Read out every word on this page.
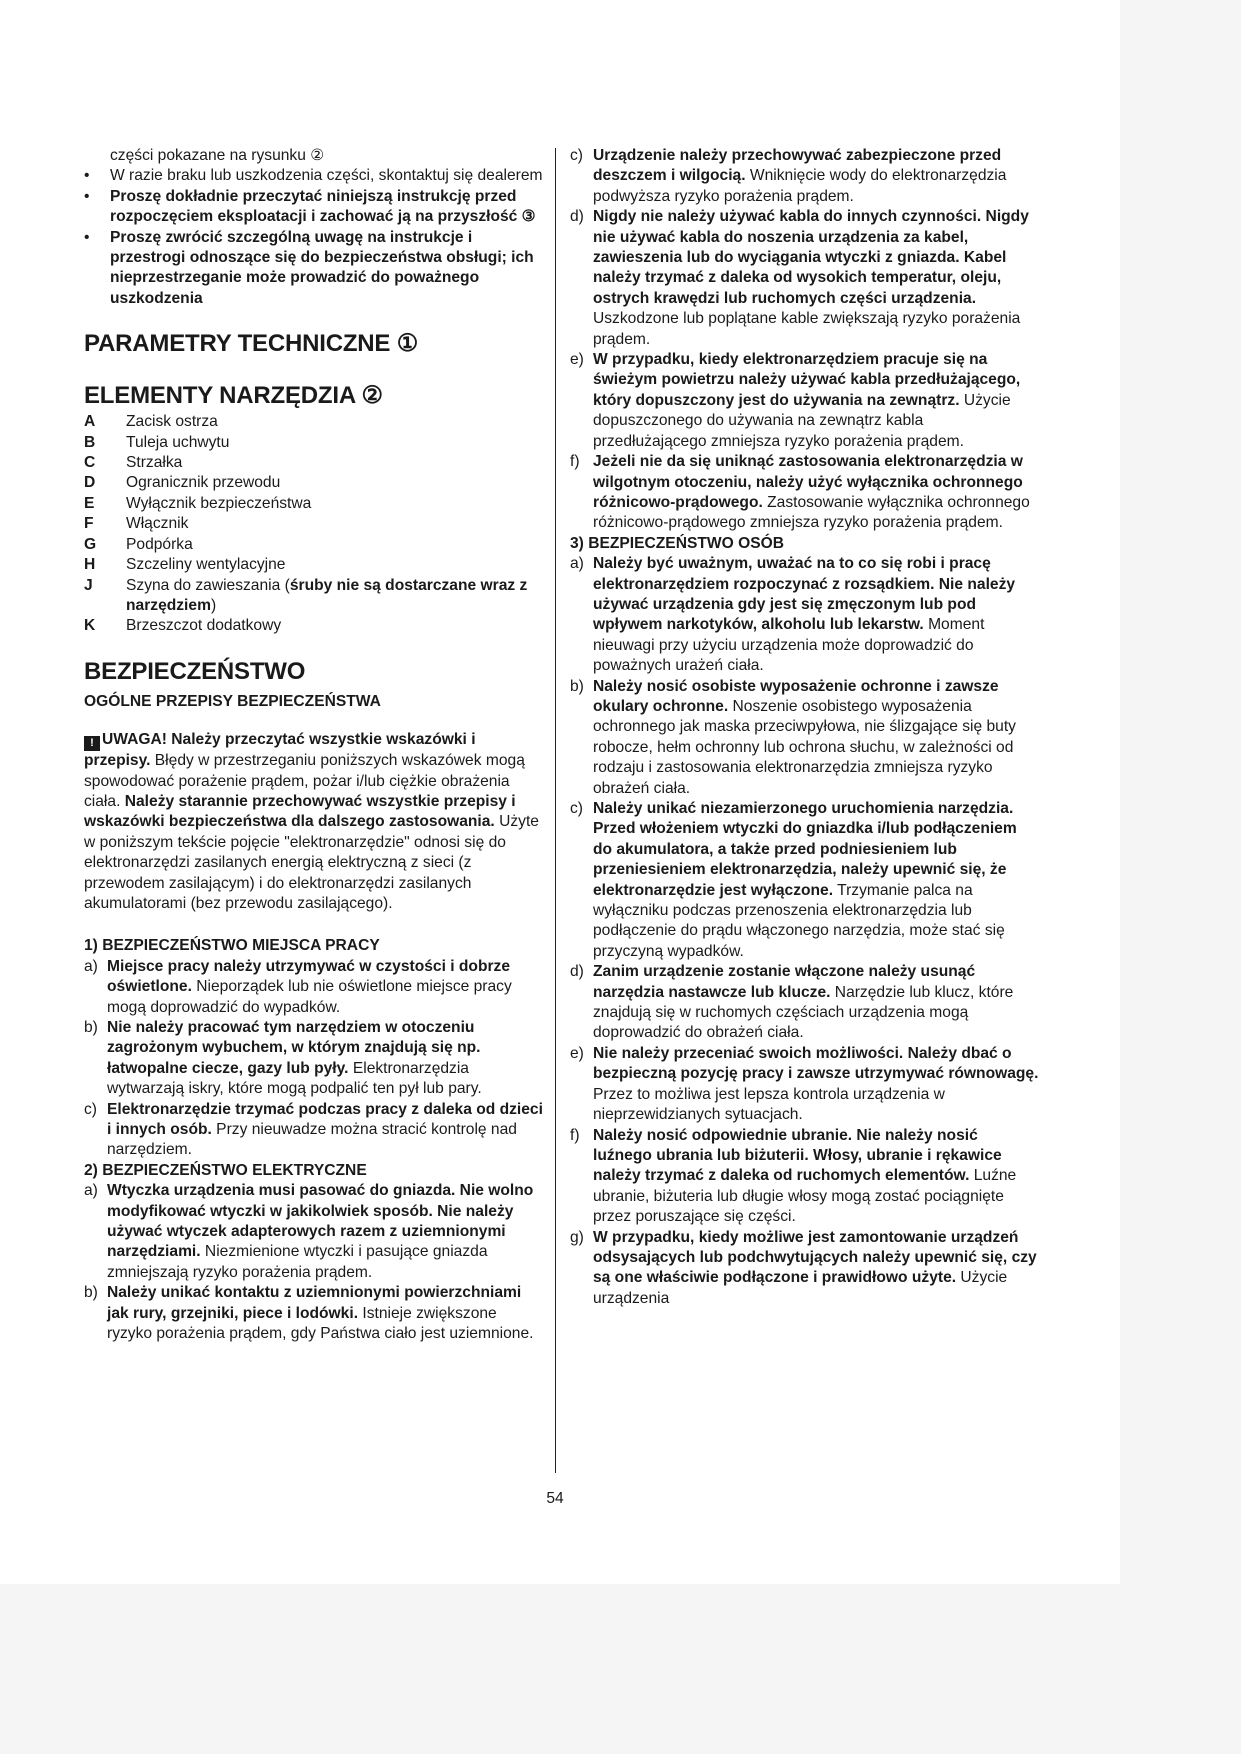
części pokazane na rysunku ②

• W razie braku lub uszkodzenia części, skontaktuj się dealerem
• Proszę dokładnie przeczytać niniejszą instrukcję przed rozpoczęciem eksploatacji i zachować ją na przyszłość ③
• Proszę zwrócić szczególną uwagę na instrukcje i przestrogi odnoszące się do bezpieczeństwa obsługi; ich nieprzestrzeganie może prowadzić do poważnego uszkodzenia
PARAMETRY TECHNICZNE ①
ELEMENTY NARZĘDZIA ②
A	Zacisk ostrza
B	Tuleja uchwytu
C	Strzałka
D	Ogranicznik przewodu
E	Wyłącznik bezpieczeństwa
F	Włącznik
G	Podpórka
H	Szczeliny wentylacyjne
J	Szyna do zawieszania (śruby nie są dostarczane wraz z narzędziem)
K	Brzeszczot dodatkowy
BEZPIECZEŃSTWO
OGÓLNE PRZEPISY BEZPIECZEŃSTWA

! UWAGA! Należy przeczytać wszystkie wskazówki i przepisy. Błędy w przestrzeganiu poniższych wskazówek mogą spowodować porażenie prądem, pożar i/lub ciężkie obrażenia ciała. Należy starannie przechowywać wszystkie przepisy i wskazówki bezpieczeństwa dla dalszego zastosowania. Użyte w poniższym tekście pojęcie "elektronarzędzie" odnosi się do elektronarzędzi zasilanych energią elektryczną z sieci (z przewodem zasilającym) i do elektronarzędzi zasilanych akumulatorami (bez przewodu zasilającego).

1) BEZPIECZEŃSTWO MIEJSCA PRACY
a) Miejsce pracy należy utrzymywać w czystości i dobrze oświetlone. Nieporządek lub nie oświetlone miejsce pracy mogą doprowadzić do wypadków.
b) Nie należy pracować tym narzędziem w otoczeniu zagrożonym wybuchem, w którym znajdują się np. łatwopalne ciecze, gazy lub pyły. Elektronarzędzia wytwarzają iskry, które mogą podpalić ten pył lub pary.
c) Elektronarzędzie trzymać podczas pracy z daleka od dzieci i innych osób. Przy nieuwadze można stracić kontrolę nad narzędziem.
2) BEZPIECZEŃSTWO ELEKTRYCZNE
a) Wtyczka urządzenia musi pasować do gniazda. Nie wolno modyfikować wtyczki w jakikolwiek sposób. Nie należy używać wtyczek adapterowych razem z uziemnionymi narzędziami. Niezmienione wtyczki i pasujące gniazda zmniejszają ryzyko porażenia prądem.
b) Należy unikać kontaktu z uziemnionymi powierzchniami jak rury, grzejniki, piece i lodówki. Istnieje zwiększone ryzyko porażenia prądem, gdy Państwa ciało jest uziemnione.
c) Urządzenie należy przechowywać zabezpieczone przed deszczem i wilgocią. Wniknięcie wody do elektronarzędzia podwyższa ryzyko porażenia prądem.
d) Nigdy nie należy używać kabla do innych czynności. Nigdy nie używać kabla do noszenia urządzenia za kabel, zawieszenia lub do wyciągania wtyczki z gniazda. Kabel należy trzymać z daleka od wysokich temperatur, oleju, ostrych krawędzi lub ruchomych części urządzenia. Uszkodzone lub poplątane kable zwiększają ryzyko porażenia prądem.
e) W przypadku, kiedy elektronarzędziem pracuje się na świeżym powietrzu należy używać kabla przedłużającego, który dopuszczony jest do używania na zewnątrz. Użycie dopuszczonego do używania na zewnątrz kabla przedłużającego zmniejsza ryzyko porażenia prądem.
f) Jeżeli nie da się uniknąć zastosowania elektronarzędzia w wilgotnym otoczeniu, należy użyć wyłącznika ochronnego różnicowo-prądowego. Zastosowanie wyłącznika ochronnego różnicowo-prądowego zmniejsza ryzyko porażenia prądem.
3) BEZPIECZEŃSTWO OSÓB
a) Należy być uważnym, uważać na to co się robi i pracę elektronarzędziem rozpoczynać z rozsądkiem. Nie należy używać urządzenia gdy jest się zmęczonym lub pod wpływem narkotyków, alkoholu lub lekarstw. Moment nieuwagi przy użyciu urządzenia może doprowadzić do poważnych urażeń ciała.
b) Należy nosić osobiste wyposażenie ochronne i zawsze okulary ochronne. Noszenie osobistego wyposażenia ochronnego jak maska przeciwpyłowa, nie ślizgające się buty robocze, hełm ochronny lub ochrona słuchu, w zależności od rodzaju i zastosowania elektronarzędzia zmniejsza ryzyko obrażeń ciała.
c) Należy unikać niezamierzonego uruchomienia narzędzia. Przed włożeniem wtyczki do gniazdka i/lub podłączeniem do akumulatora, a także przed podniesieniem lub przeniesieniem elektronarzędzia, należy upewnić się, że elektronarzędzie jest wyłączone. Trzymanie palca na wyłączniku podczas przenoszenia elektronarzędzia lub podłączenie do prądu włączonego narzędzia, może stać się przyczyną wypadków.
d) Zanim urządzenie zostanie włączone należy usunąć narzędzia nastawcze lub klucze. Narzędzie lub klucz, które znajdują się w ruchomych częściach urządzenia mogą doprowadzić do obrażeń ciała.
e) Nie należy przeceniać swoich możliwości. Należy dbać o bezpieczną pozycję pracy i zawsze utrzymywać równowagę. Przez to możliwa jest lepsza kontrola urządzenia w nieprzewidzianych sytuacjach.
f) Należy nosić odpowiednie ubranie. Nie należy nosić luźnego ubrania lub biżuterii. Włosy, ubranie i rękawice należy trzymać z daleka od ruchomych elementów. Luźne ubranie, biżuteria lub długie włosy mogą zostać pociągnięte przez poruszające się części.
g) W przypadku, kiedy możliwe jest zamontowanie urządzeń odsysających lub podchwytujących należy upewnić się, czy są one właściwie podłączone i prawidłowo użyte. Użycie urządzenia
54
